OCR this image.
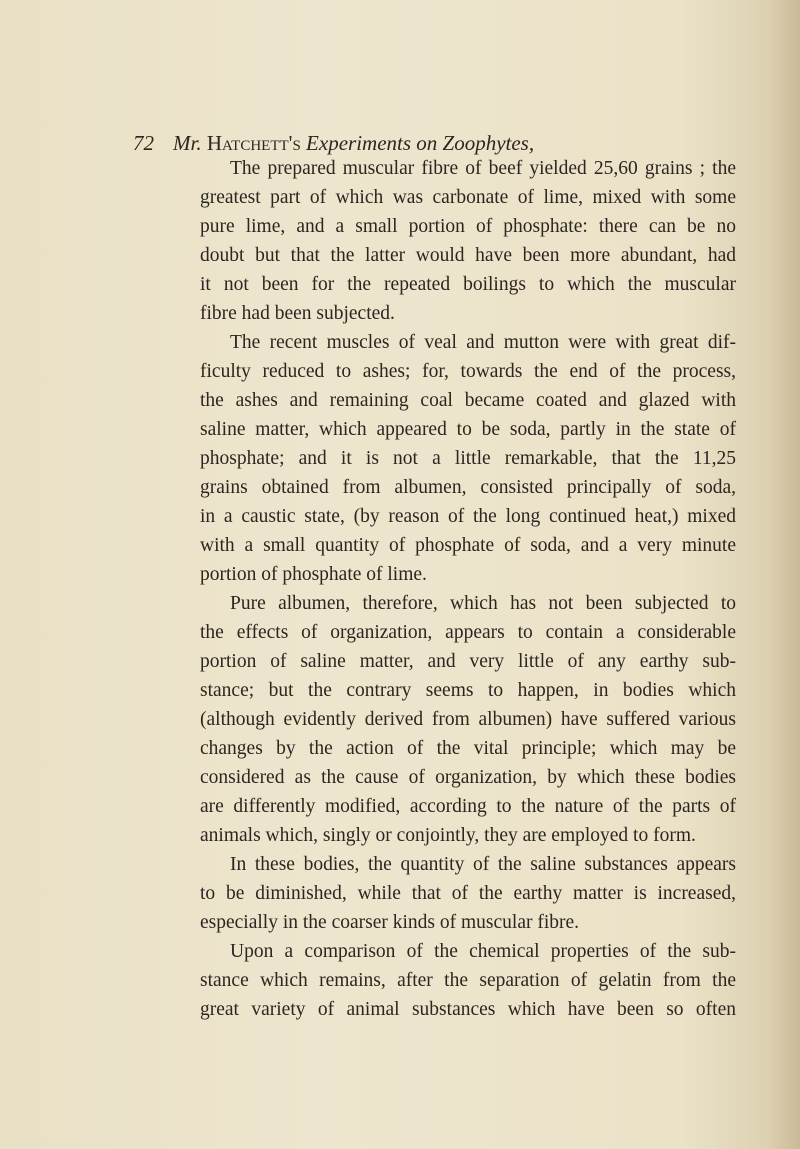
72 Mr. Hatchett's Experiments on Zoophytes,
The prepared muscular fibre of beef yielded 25,60 grains ; the
greatest part of which was carbonate of lime, mixed with some
pure lime, and a small portion of phosphate: there can be no
doubt but that the latter would have been more abundant, had
it not been for the repeated boilings to which the muscular
fibre had been subjected.
The recent muscles of veal and mutton were with great dif-
ficulty reduced to ashes; for, towards the end of the process,
the ashes and remaining coal became coated and glazed with
saline matter, which appeared to be soda, partly in the state of
phosphate; and it is not a little remarkable, that the 11,25
grains obtained from albumen, consisted principally of soda,
in a caustic state, (by reason of the long continued heat,) mixed
with a small quantity of phosphate of soda, and a very minute
portion of phosphate of lime.
Pure albumen, therefore, which has not been subjected to
the effects of organization, appears to contain a considerable
portion of saline matter, and very little of any earthy sub-
stance; but the contrary seems to happen, in bodies which
(although evidently derived from albumen) have suffered various
changes by the action of the vital principle; which may be
considered as the cause of organization, by which these bodies
are differently modified, according to the nature of the parts of
animals which, singly or conjointly, they are employed to form.
In these bodies, the quantity of the saline substances appears
to be diminished, while that of the earthy matter is increased,
especially in the coarser kinds of muscular fibre.
Upon a comparison of the chemical properties of the sub-
stance which remains, after the separation of gelatin from the
great variety of animal substances which have been so often
